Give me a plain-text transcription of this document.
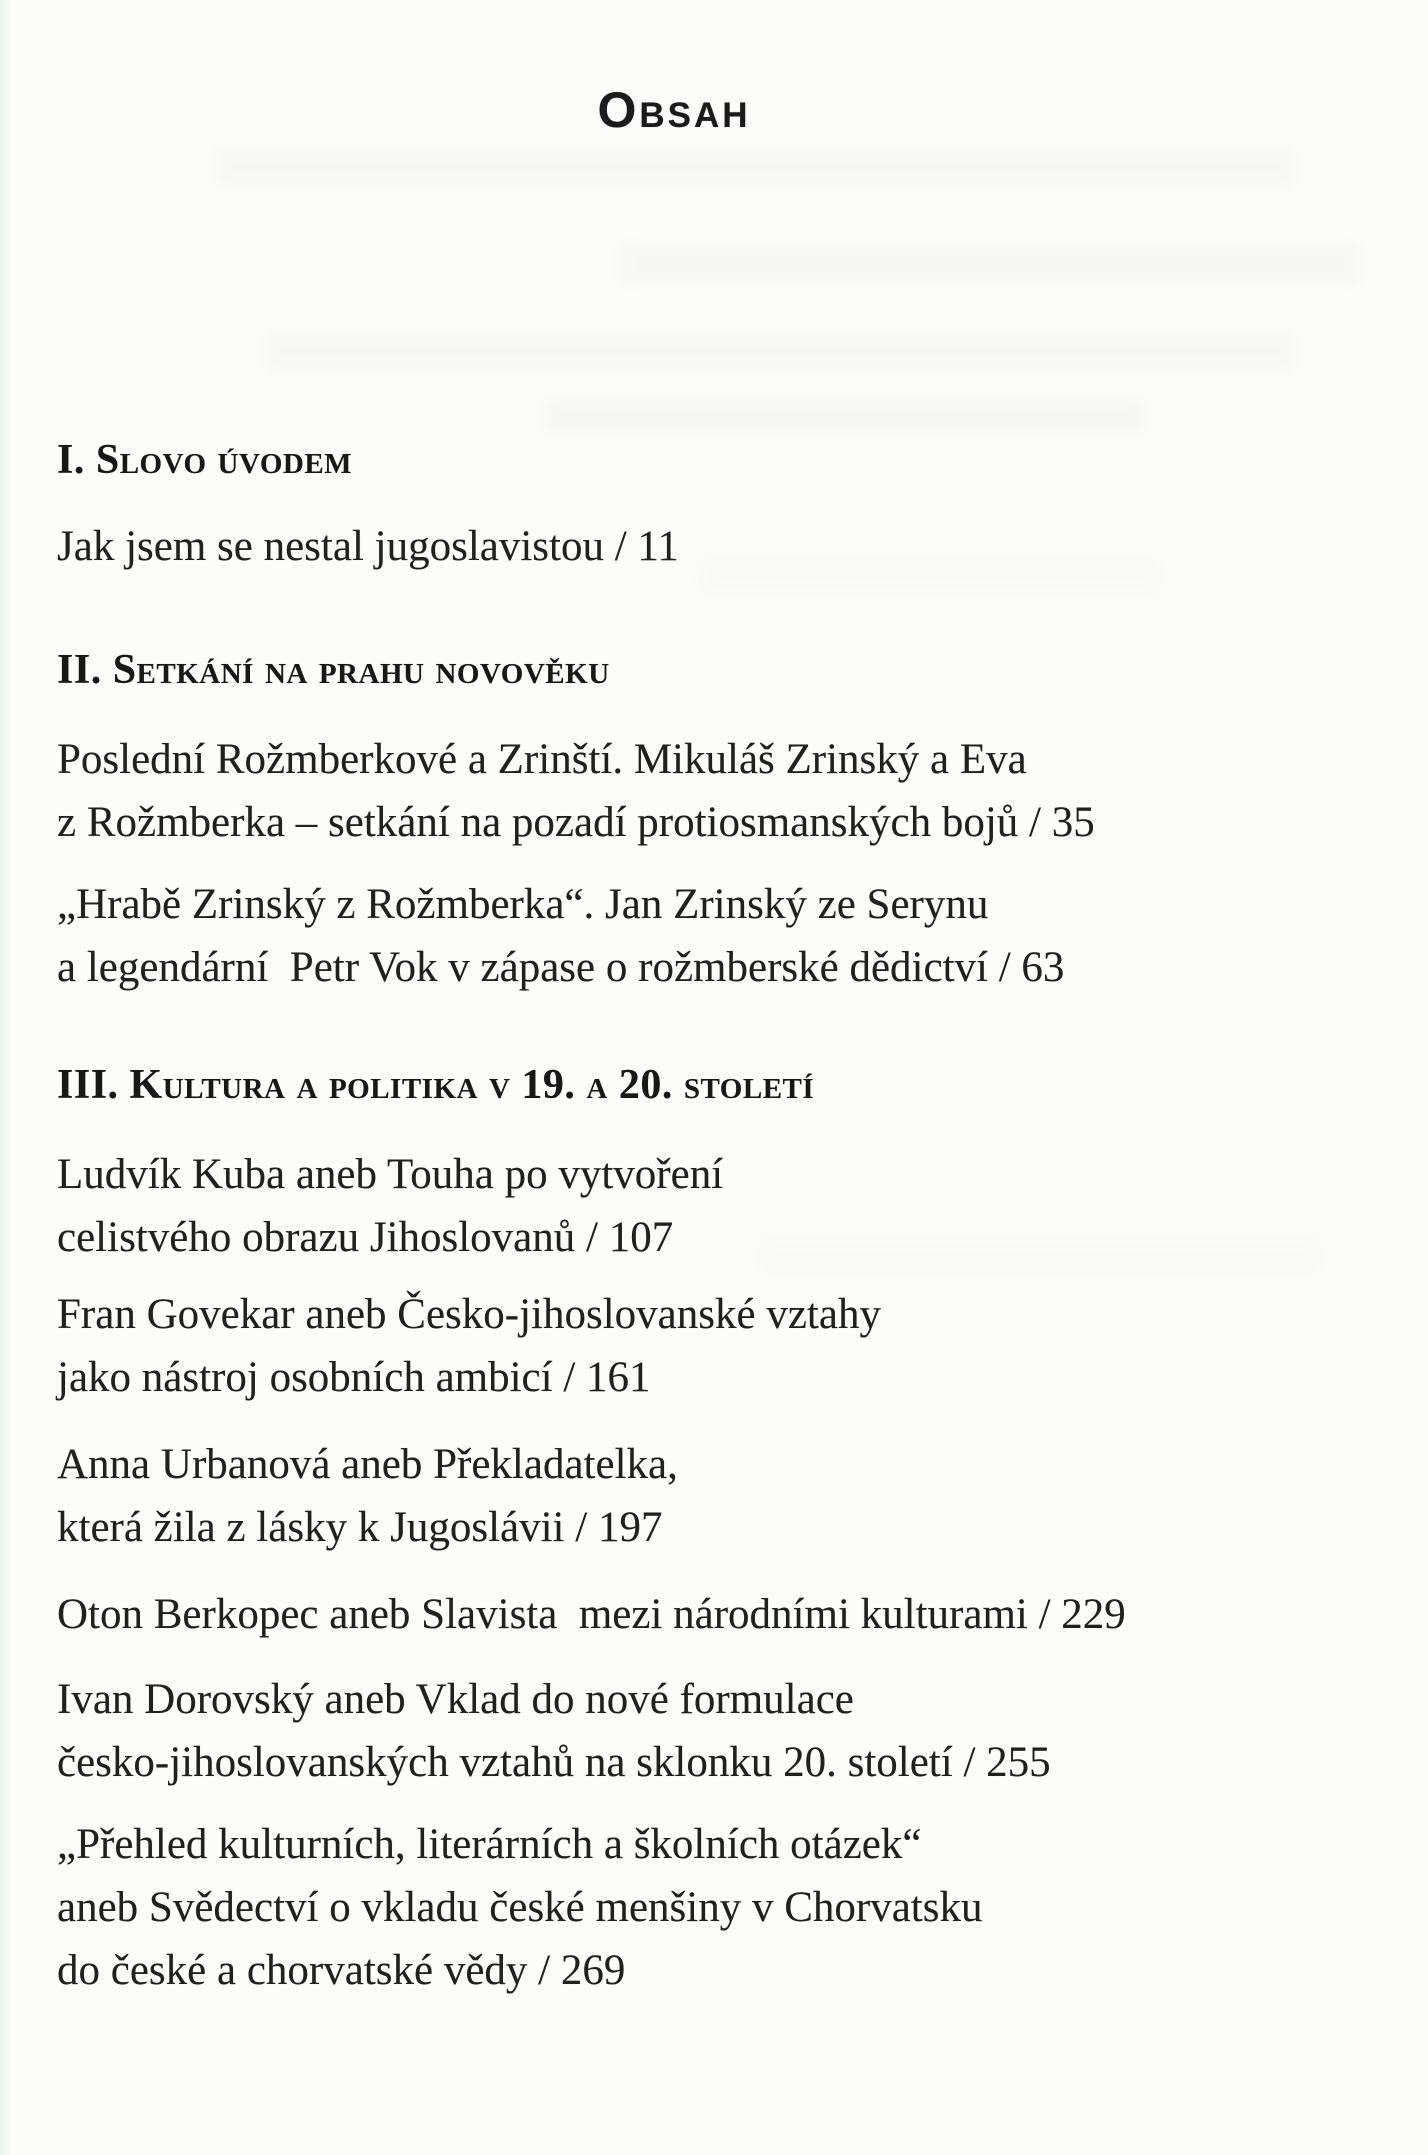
Obsah
I. Slovo úvodem
Jak jsem se nestal jugoslavistou / 11
II. Setkání na prahu novověku
Poslední Rožmberkové a Zrinští. Mikuláš Zrinský a Eva
z Rožmberka – setkání na pozadí protiosmanských bojů / 35
„Hrabě Zrinský z Rožmberka“. Jan Zrinský ze Serynu
a legendární  Petr Vok v zápase o rožmberské dědictví / 63
III. Kultura a politika v 19. a 20. století
Ludvík Kuba aneb Touha po vytvoření
celistvého obrazu Jihoslovanů / 107
Fran Govekar aneb Česko-jihoslovanské vztahy
jako nástroj osobních ambicí / 161
Anna Urbanová aneb Překladatelka,
která žila z lásky k Jugoslávii / 197
Oton Berkopec aneb Slavista  mezi národními kulturami / 229
Ivan Dorovský aneb Vklad do nové formulace
česko-jihoslovanských vztahů na sklonku 20. století / 255
„Přehled kulturních, literárních a školních otázek“
aneb Svědectví o vkladu české menšiny v Chorvatsku
do české a chorvatské vědy / 269
